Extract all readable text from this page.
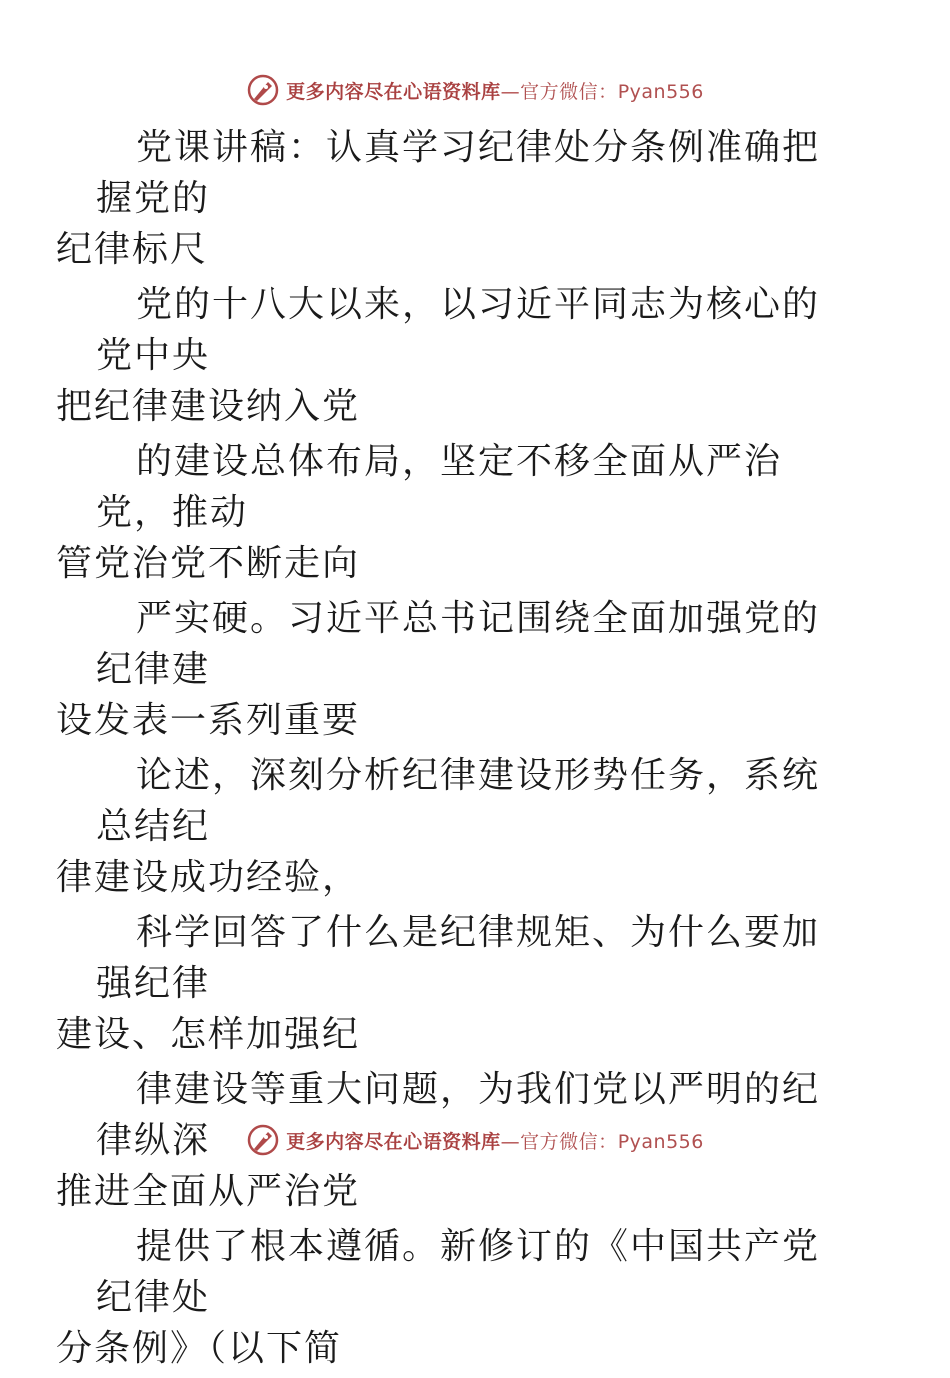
更多内容尽在心语资料库—官方微信：Pyan556
党课讲稿：认真学习纪律处分条例准确把握党的
纪律标尺
党的十八大以来，以习近平同志为核心的党中央
把纪律建设纳入党
的建设总体布局，坚定不移全面从严治党，推动
管党治党不断走向
严实硬。习近平总书记围绕全面加强党的纪律建
设发表一系列重要
论述，深刻分析纪律建设形势任务，系统总结纪
律建设成功经验，
科学回答了什么是纪律规矩、为什么要加强纪律
建设、怎样加强纪
律建设等重大问题，为我们党以严明的纪律纵深
推进全面从严治党
提供了根本遵循。新修订的《中国共产党纪律处
分条例》（以下简
更多内容尽在心语资料库—官方微信：Pyan556
